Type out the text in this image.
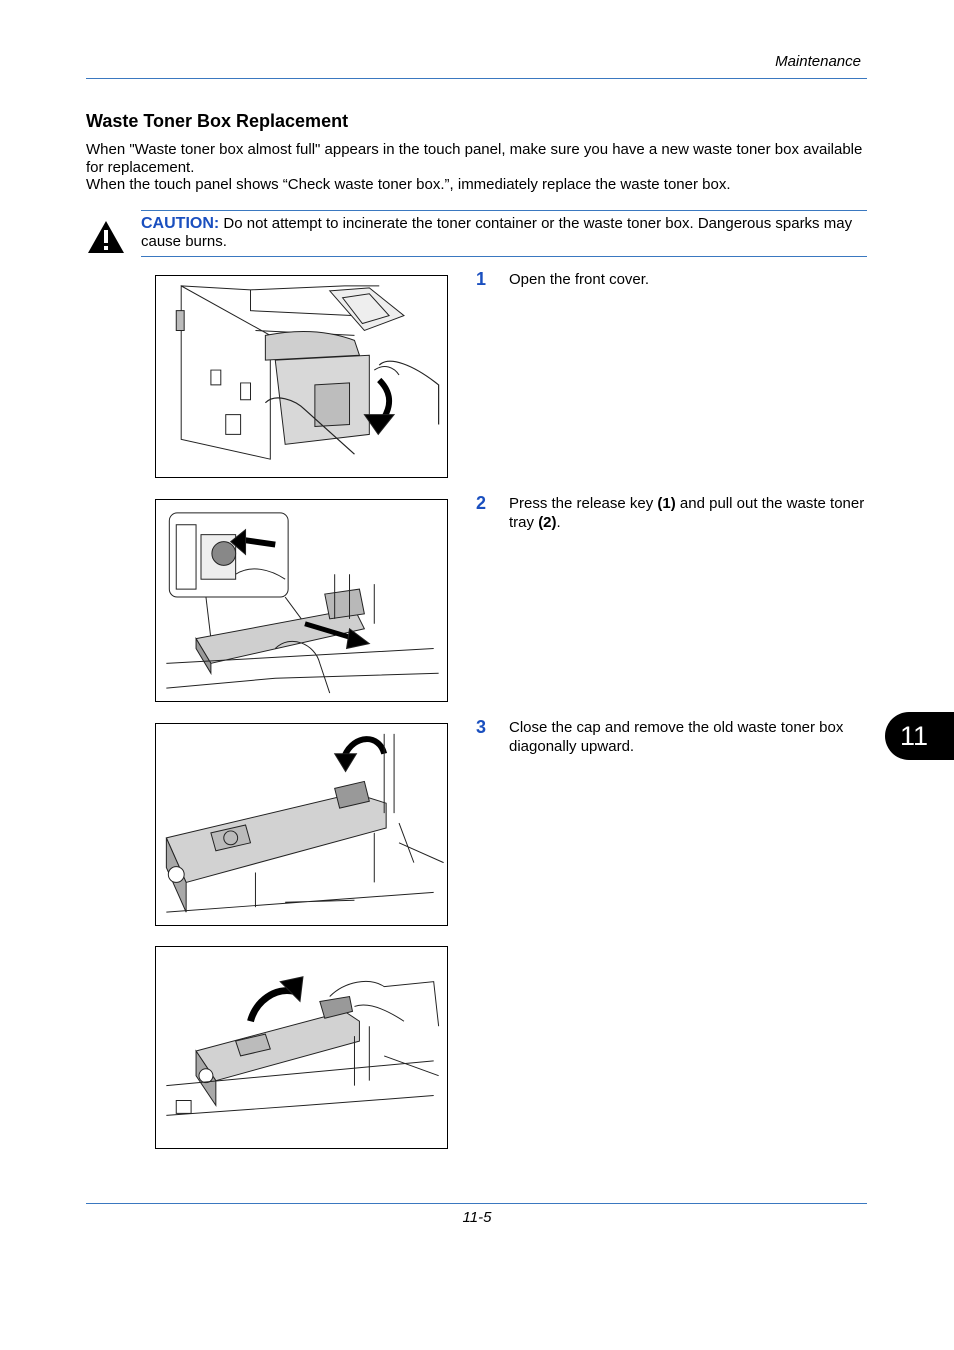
Maintenance
Waste Toner Box Replacement

When "Waste toner box almost full" appears in the touch panel, make sure you have a new waste toner box available for replacement.

When the touch panel shows “Check waste toner box.”, immediately replace the waste toner box.

CAUTION: Do not attempt to incinerate the toner container or the waste toner box. Dangerous sparks may cause burns.
1 Open the front cover.
2 Press the release key (1) and pull out the waste toner tray (2).
3 Close the cap and remove the old waste toner box diagonally upward.	11
11-5
